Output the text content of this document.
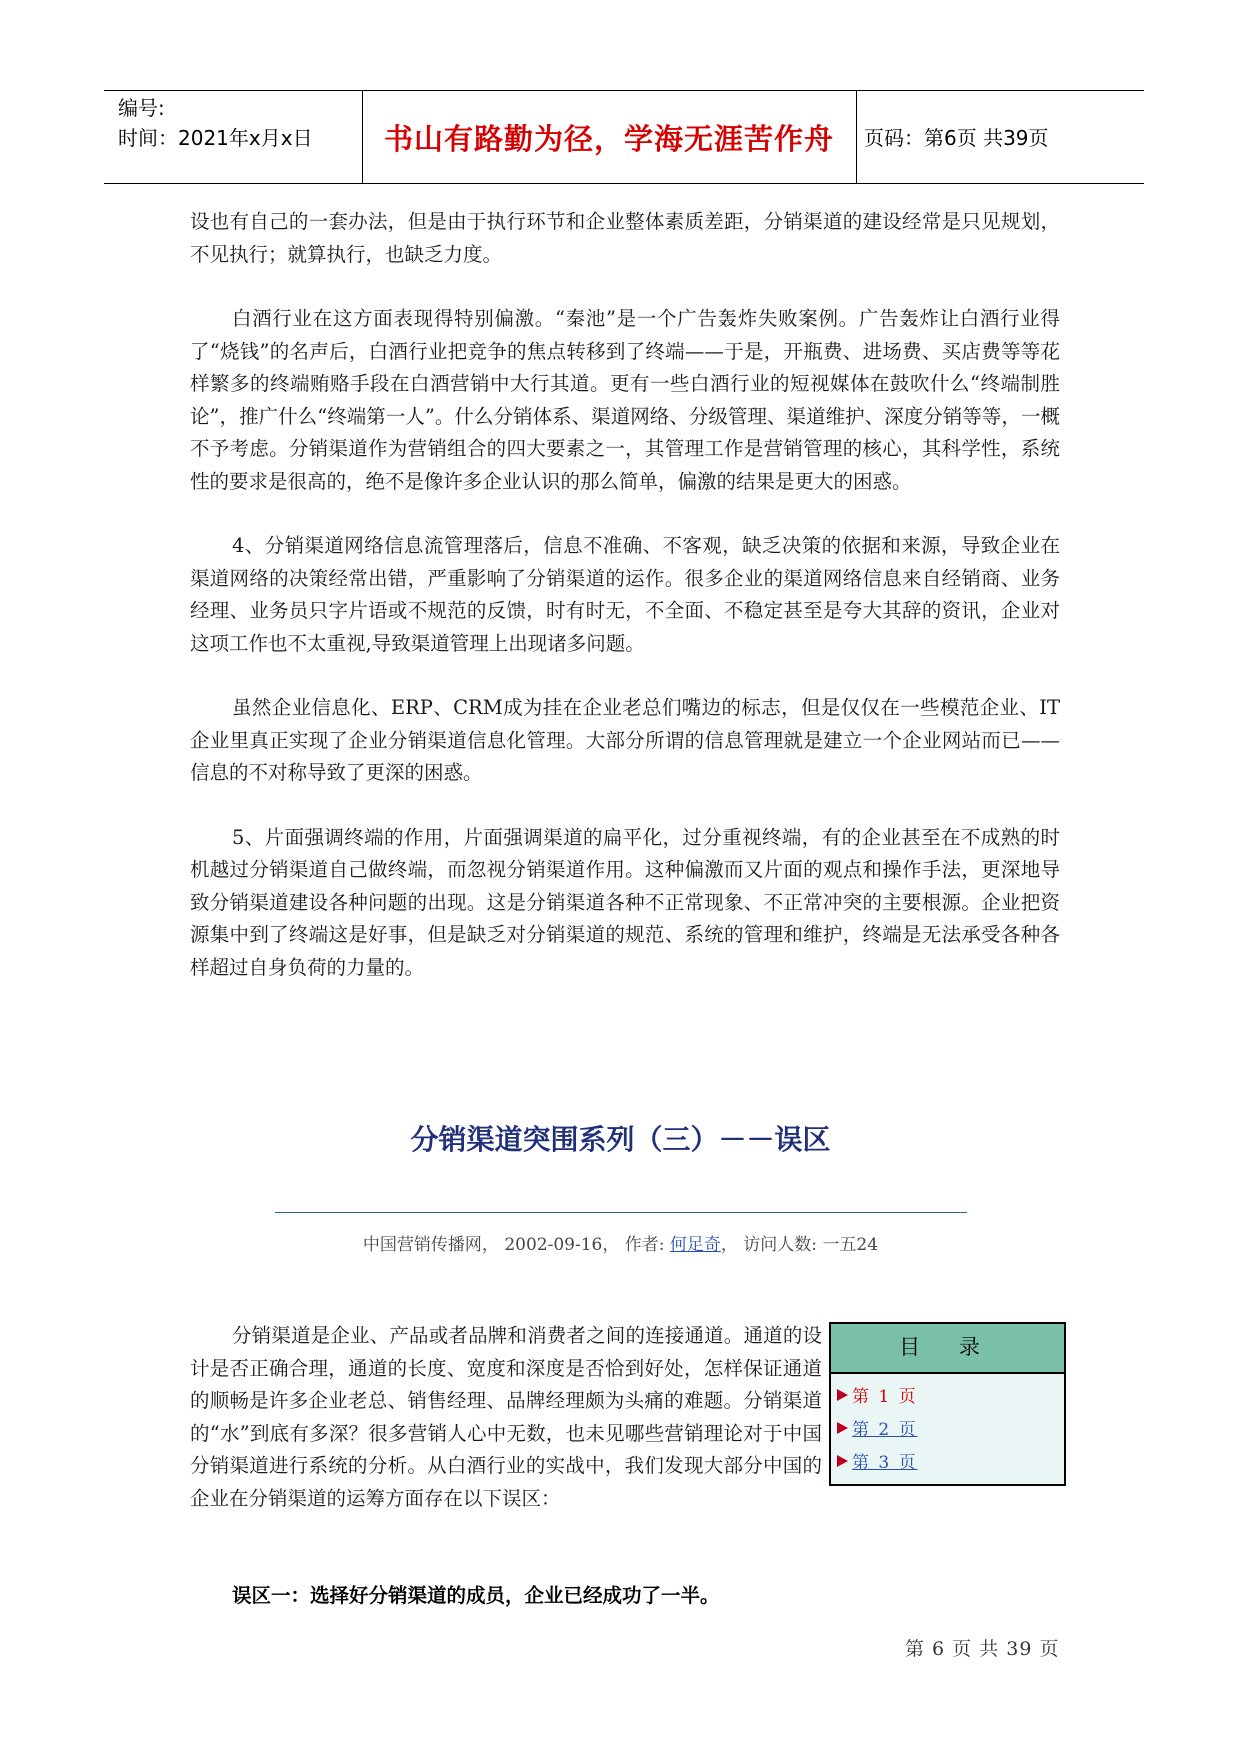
编号:
时间：2021年x月x日	书山有路勤为径，学海无涯苦作舟	页码：第6页 共39页

设也有自己的一套办法，但是由于执行环节和企业整体素质差距，分销渠道的建设经常是只见规划，不见执行；就算执行，也缺乏力度。

白酒行业在这方面表现得特别偏激。“秦池”是一个广告轰炸失败案例。广告轰炸让白酒行业得了“烧钱”的名声后，白酒行业把竞争的焦点转移到了终端——于是，开瓶费、进场费、买店费等等花样繁多的终端贿赂手段在白酒营销中大行其道。更有一些白酒行业的短视媒体在鼓吹什么“终端制胜论”，推广什么“终端第一人”。什么分销体系、渠道网络、分级管理、渠道维护、深度分销等等，一概不予考虑。分销渠道作为营销组合的四大要素之一，其管理工作是营销管理的核心，其科学性，系统性的要求是很高的，绝不是像许多企业认识的那么简单，偏激的结果是更大的困惑。

4、分销渠道网络信息流管理落后，信息不准确、不客观，缺乏决策的依据和来源，导致企业在渠道网络的决策经常出错，严重影响了分销渠道的运作。很多企业的渠道网络信息来自经销商、业务经理、业务员只字片语或不规范的反馈，时有时无，不全面、不稳定甚至是夸大其辞的资讯，企业对这项工作也不太重视,导致渠道管理上出现诸多问题。

虽然企业信息化、ERP、CRM成为挂在企业老总们嘴边的标志，但是仅仅在一些模范企业、IT企业里真正实现了企业分销渠道信息化管理。大部分所谓的信息管理就是建立一个企业网站而已——信息的不对称导致了更深的困惑。

5、片面强调终端的作用，片面强调渠道的扁平化，过分重视终端，有的企业甚至在不成熟的时机越过分销渠道自己做终端，而忽视分销渠道作用。这种偏激而又片面的观点和操作手法，更深地导致分销渠道建设各种问题的出现。这是分销渠道各种不正常现象、不正常冲突的主要根源。企业把资源集中到了终端这是好事，但是缺乏对分销渠道的规范、系统的管理和维护，终端是无法承受各种各样超过自身负荷的力量的。

分销渠道突围系列（三）－－误区
中国营销传播网， 2002-09-16， 作者: 何足奇， 访问人数: 一五24

分销渠道是企业、产品或者品牌和消费者之间的连接通道。通道的设计是否正确合理，通道的长度、宽度和深度是否恰到好处，怎样保证通道的顺畅是许多企业老总、销售经理、品牌经理颇为头痛的难题。分销渠道的“水”到底有多深？很多营销人心中无数，也未见哪些营销理论对于中国分销渠道进行系统的分析。从白酒行业的实战中，我们发现大部分中国的企业在分销渠道的运筹方面存在以下误区：

目 录
第 1 页
第 2 页
第 3 页
误区一：选择好分销渠道的成员，企业已经成功了一半。
第 6 页 共 39 页
